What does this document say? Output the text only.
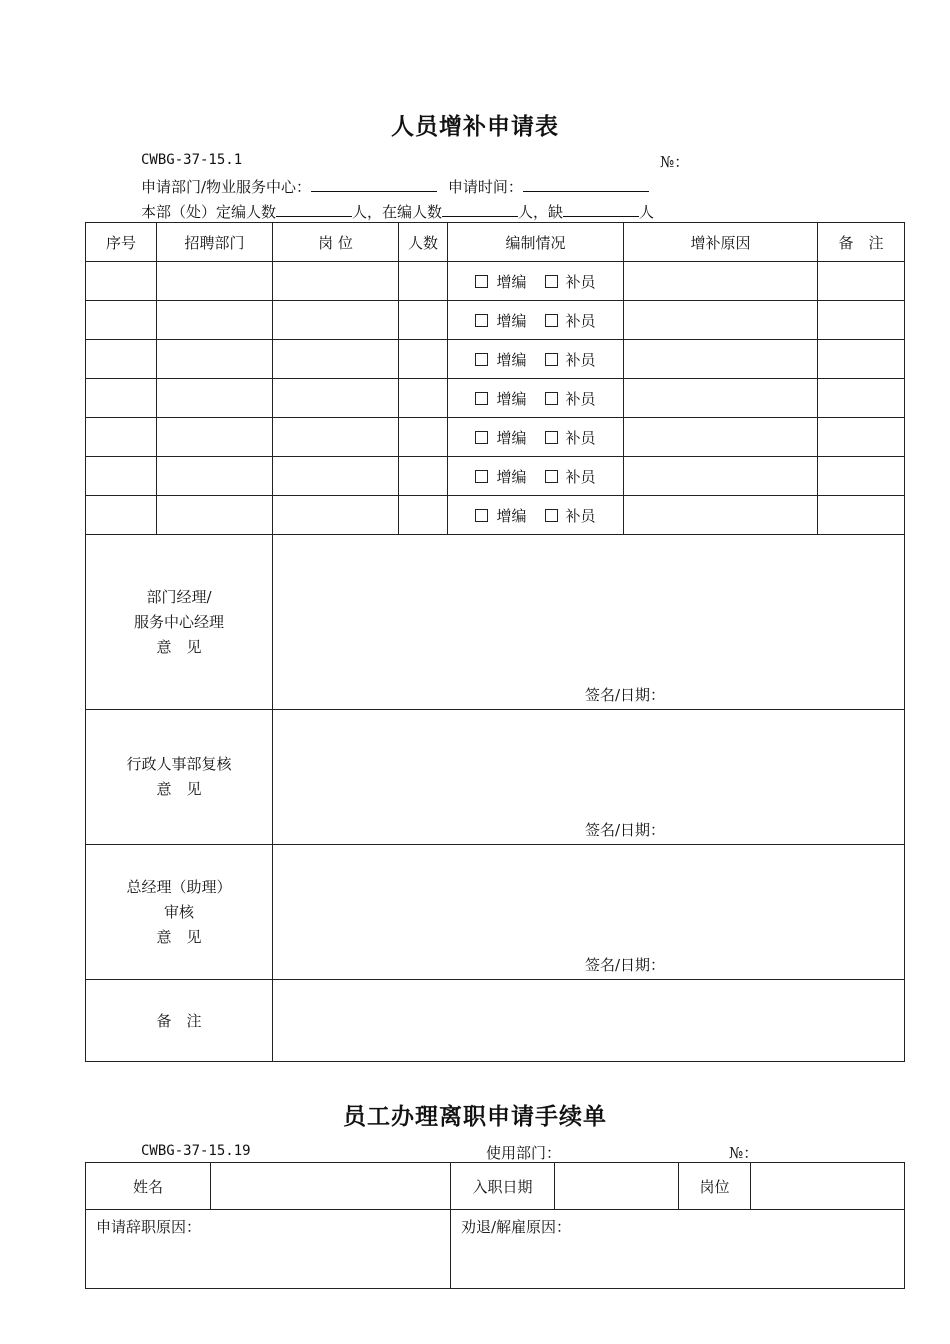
人员增补申请表
CWBG-37-15.1	№：
申请部门/物业服务中心：	申请时间：
本部（处）定编人数	人，在编人数	人，缺	人
序号	招聘部门	岗 位	人数	编制情况	增补原因	备　注
				增编 补员		
				增编 补员		
				增编 补员		
				增编 补员		
				增编 补员		
				增编 补员		
				增编 补员		

部门经理/
服务中心经理
意　见		签名/日期：				

行政人事部复核
意　见		签名/日期：				

总经理（助理）
审核
意　见		签名/日期：				

备　注						
员工办理离职申请手续单
CWBG-37-15.19	使用部门：	№：
姓名		入职日期		岗位	
申请辞职原因：		劝退/解雇原因：			
